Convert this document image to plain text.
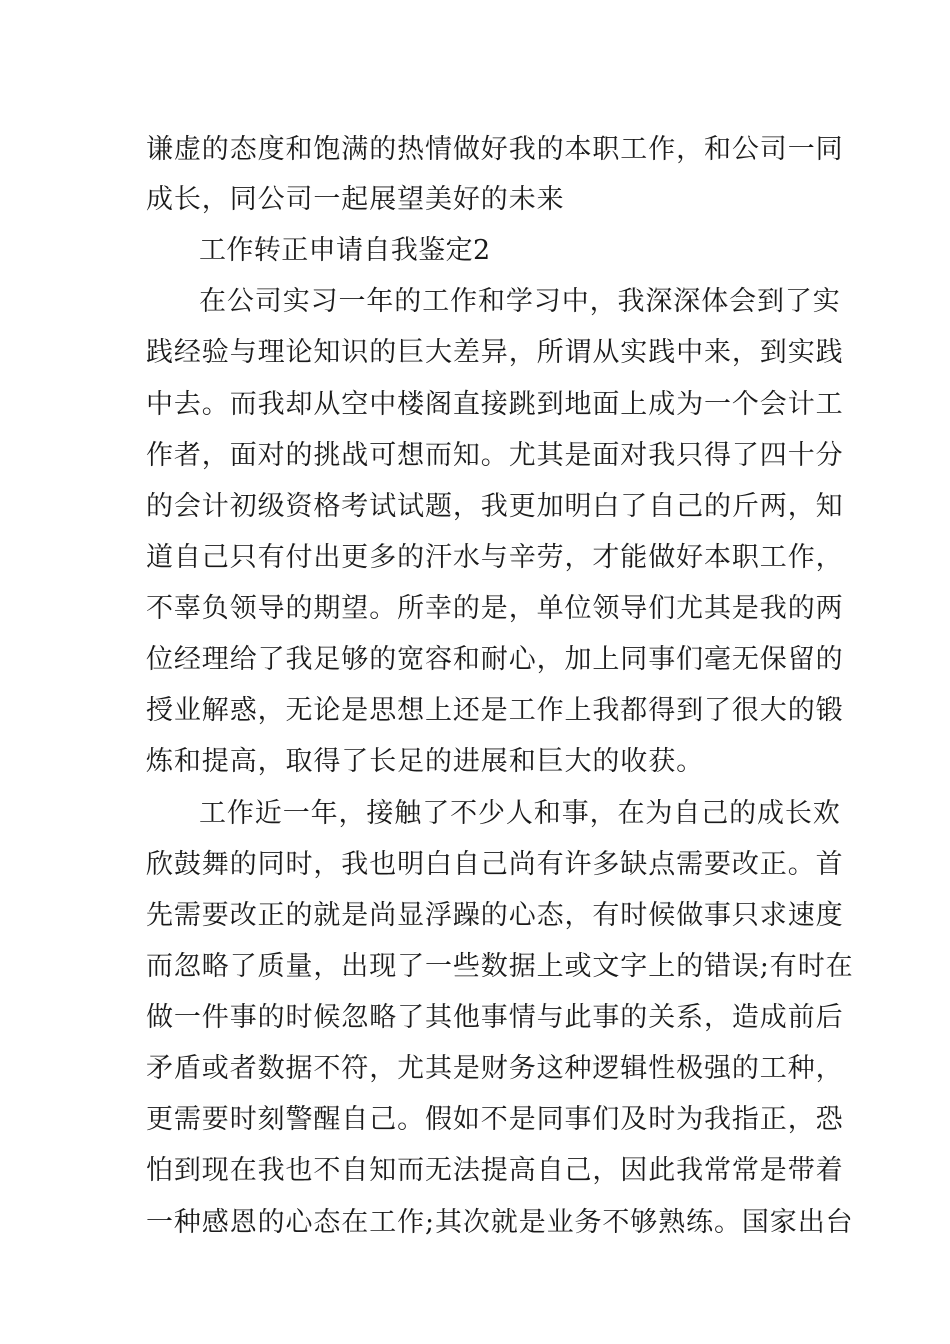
谦虚的态度和饱满的热情做好我的本职工作，和公司一同
成长，同公司一起展望美好的未来
工作转正申请自我鉴定2
在公司实习一年的工作和学习中，我深深体会到了实
践经验与理论知识的巨大差异，所谓从实践中来，到实践
中去。而我却从空中楼阁直接跳到地面上成为一个会计工
作者，面对的挑战可想而知。尤其是面对我只得了四十分
的会计初级资格考试试题，我更加明白了自己的斤两，知
道自己只有付出更多的汗水与辛劳，才能做好本职工作，
不辜负领导的期望。所幸的是，单位领导们尤其是我的两
位经理给了我足够的宽容和耐心，加上同事们毫无保留的
授业解惑，无论是思想上还是工作上我都得到了很大的锻
炼和提高，取得了长足的进展和巨大的收获。
工作近一年，接触了不少人和事，在为自己的成长欢
欣鼓舞的同时，我也明白自己尚有许多缺点需要改正。首
先需要改正的就是尚显浮躁的心态，有时候做事只求速度
而忽略了质量，出现了一些数据上或文字上的错误;有时在
做一件事的时候忽略了其他事情与此事的关系，造成前后
矛盾或者数据不符，尤其是财务这种逻辑性极强的工种，
更需要时刻警醒自己。假如不是同事们及时为我指正，恐
怕到现在我也不自知而无法提高自己，因此我常常是带着
一种感恩的心态在工作;其次就是业务不够熟练。国家出台
